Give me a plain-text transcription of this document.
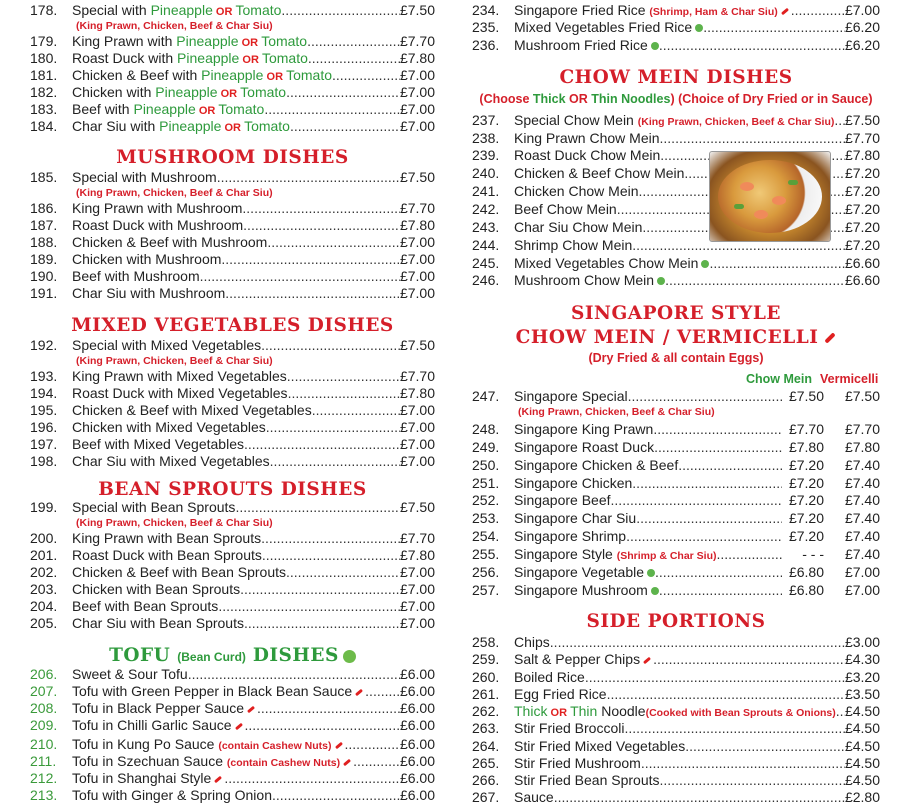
178.	Special with Pineapple OR Tomato .....	£7.50
(King Prawn, Chicken, Beef & Char Siu)
179.	King Prawn with Pineapple OR Tomato .....	£7.70
180.	Roast Duck with Pineapple OR Tomato .....	£7.80
181.	Chicken & Beef with Pineapple OR Tomato .....	£7.00
182.	Chicken with Pineapple OR Tomato .....	£7.00
183.	Beef with Pineapple OR Tomato .....	£7.00
184.	Char Siu with Pineapple OR Tomato .....	£7.00
MUSHROOM DISHES
185.	Special with Mushroom .....	£7.50
(King Prawn, Chicken, Beef & Char Siu)
186.	King Prawn with Mushroom .....	£7.70
187.	Roast Duck with Mushroom .....	£7.80
188.	Chicken & Beef with Mushroom .....	£7.00
189.	Chicken with Mushroom .....	£7.00
190.	Beef with Mushroom .....	£7.00
191.	Char Siu with Mushroom .....	£7.00
MIXED VEGETABLES DISHES
192.	Special with Mixed Vegetables .....	£7.50
(King Prawn, Chicken, Beef & Char Siu)
193.	King Prawn with Mixed Vegetables .....	£7.70
194.	Roast Duck with Mixed Vegetables .....	£7.80
195.	Chicken & Beef with Mixed Vegetables .....	£7.00
196.	Chicken with Mixed Vegetables .....	£7.00
197.	Beef with Mixed Vegetables .....	£7.00
198.	Char Siu with Mixed Vegetables .....	£7.00
BEAN SPROUTS DISHES
199.	Special with Bean Sprouts .....	£7.50
(King Prawn, Chicken, Beef & Char Siu)
200.	King Prawn with Bean Sprouts .....	£7.70
201.	Roast Duck with Bean Sprouts .....	£7.80
202.	Chicken & Beef with Bean Sprouts .....	£7.00
203.	Chicken with Bean Sprouts .....	£7.00
204.	Beef with Bean Sprouts .....	£7.00
205.	Char Siu with Bean Sprouts .....	£7.00
TOFU (Bean Curd) DISHES
206.	Sweet & Sour Tofu .....	£6.00
207.	Tofu with Green Pepper in Black Bean Sauce .....	£6.00
208.	Tofu in Black Pepper Sauce .....	£6.00
209.	Tofu in Chilli Garlic Sauce .....	£6.00
210.	Tofu in Kung Po Sauce (contain Cashew Nuts) .....	£6.00
211.	Tofu in Szechuan Sauce (contain Cashew Nuts) .....	£6.00
212.	Tofu in Shanghai Style .....	£6.00
213.	Tofu with Ginger & Spring Onion .....	£6.00
234.	Singapore Fried Rice (Shrimp, Ham & Char Siu) .....	£7.00
235.	Mixed Vegetables Fried Rice .....	£6.20
236.	Mushroom Fried Rice .....	£6.20
CHOW MEIN DISHES
(Choose Thick OR Thin Noodles) (Choice of Dry Fried or in Sauce)
237.	Special Chow Mein (King Prawn, Chicken, Beef & Char Siu) ..... £7.50
238.	King Prawn Chow Mein .....	£7.70
239.	Roast Duck Chow Mein .....	£7.80
240.	Chicken & Beef Chow Mein .....	£7.20
241.	Chicken Chow Mein .....	£7.20
242.	Beef Chow Mein .....	£7.20
243.	Char Siu Chow Mein .....	£7.20
244.	Shrimp Chow Mein .....	£7.20
245.	Mixed Vegetables Chow Mein .....	£6.60
246.	Mushroom Chow Mein .....	£6.60
SINGAPORE STYLE
CHOW MEIN / VERMICELLI
(Dry Fried & all contain Eggs)
Chow Mein Vermicelli
247.	Singapore Special .....	£7.50	£7.50
(King Prawn, Chicken, Beef & Char Siu)
248.	Singapore King Prawn .....	£7.70	£7.70
249.	Singapore Roast Duck .....	£7.80	£7.80
250.	Singapore Chicken & Beef .....	£7.20	£7.40
251.	Singapore Chicken .....	£7.20	£7.40
252.	Singapore Beef .....	£7.20	£7.40
253.	Singapore Char Siu .....	£7.20	£7.40
254.	Singapore Shrimp .....	£7.20	£7.40
255.	Singapore Style (Shrimp & Char Siu) .....	- - -	£7.40
256.	Singapore Vegetable .....	£6.80	£7.00
257.	Singapore Mushroom .....	£6.80	£7.00
SIDE PORTIONS
258.	Chips .....	£3.00
259.	Salt & Pepper Chips .....	£4.30
260.	Boiled Rice .....	£3.20
261.	Egg Fried Rice .....	£3.50
262.	Thick OR Thin Noodle(Cooked with Bean Sprouts & Onions) ..... £4.50
263.	Stir Fried Broccoli .....	£4.50
264.	Stir Fried Mixed Vegetables .....	£4.50
265.	Stir Fried Mushroom .....	£4.50
266.	Stir Fried Bean Sprouts .....	£4.50
267.	Sauce .....	£2.80
